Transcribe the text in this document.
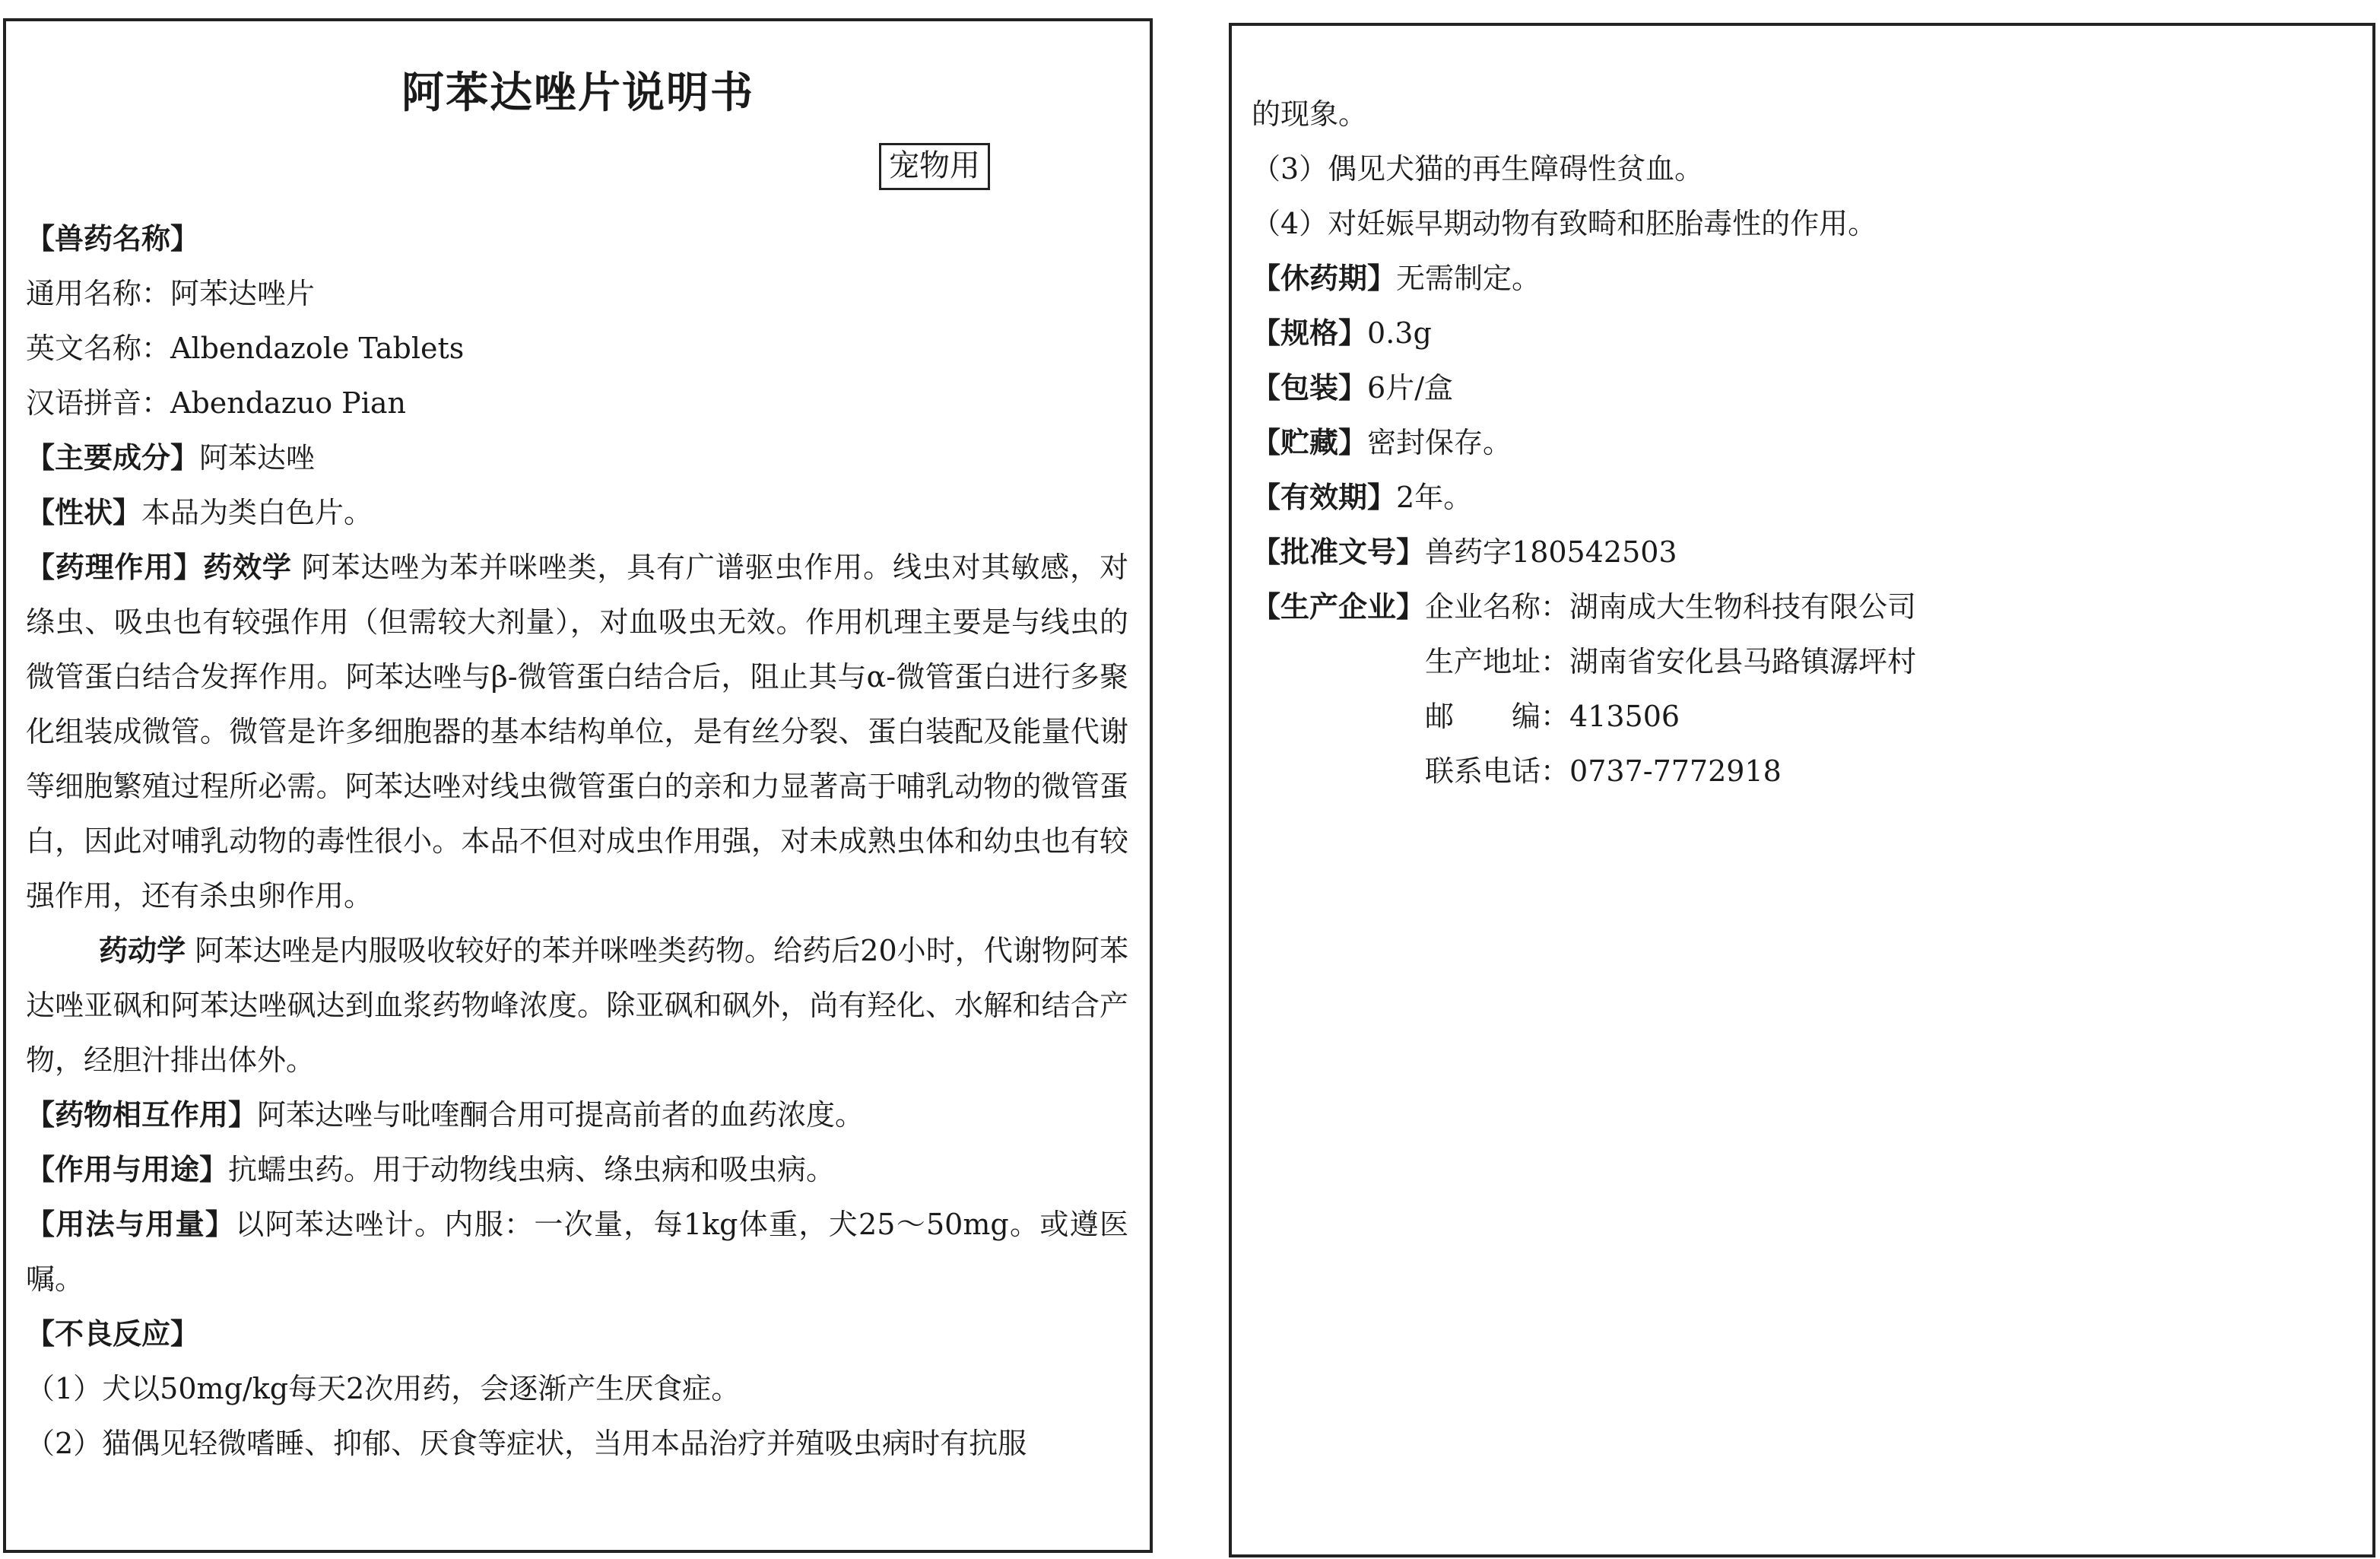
阿苯达唑片说明书
宠物用

【兽药名称】

通用名称：阿苯达唑片

英文名称：Albendazole Tablets

汉语拼音：Abendazuo Pian

【主要成分】阿苯达唑

【性状】本品为类白色片。

【药理作用】药效学 阿苯达唑为苯并咪唑类，具有广谱驱虫作用。线虫对其敏感，对绦虫、吸虫也有较强作用（但需较大剂量），对血吸虫无效。作用机理主要是与线虫的微管蛋白结合发挥作用。阿苯达唑与β-微管蛋白结合后，阻止其与α-微管蛋白进行多聚化组装成微管。微管是许多细胞器的基本结构单位，是有丝分裂、蛋白装配及能量代谢等细胞繁殖过程所必需。阿苯达唑对线虫微管蛋白的亲和力显著高于哺乳动物的微管蛋白，因此对哺乳动物的毒性很小。本品不但对成虫作用强，对未成熟虫体和幼虫也有较强作用，还有杀虫卵作用。

药动学 阿苯达唑是内服吸收较好的苯并咪唑类药物。给药后20小时，代谢物阿苯达唑亚砜和阿苯达唑砜达到血浆药物峰浓度。除亚砜和砜外，尚有羟化、水解和结合产物，经胆汁排出体外。

【药物相互作用】阿苯达唑与吡喹酮合用可提高前者的血药浓度。

【作用与用途】抗蠕虫药。用于动物线虫病、绦虫病和吸虫病。

【用法与用量】以阿苯达唑计。内服：一次量，每1kg体重，犬25～50mg。或遵医嘱。

【不良反应】

（1）犬以50mg/kg每天2次用药，会逐渐产生厌食症。

（2）猫偶见轻微嗜睡、抑郁、厌食等症状，当用本品治疗并殖吸虫病时有抗服

的现象。

（3）偶见犬猫的再生障碍性贫血。

（4）对妊娠早期动物有致畸和胚胎毒性的作用。

【休药期】无需制定。

【规格】0.3g

【包装】6片/盒

【贮藏】密封保存。

【有效期】2年。

【批准文号】兽药字180542503

【生产企业】 企业名称：湖南成大生物科技有限公司
生产地址：湖南省安化县马路镇潺坪村
邮　　编：413506
联系电话：0737-7772918
